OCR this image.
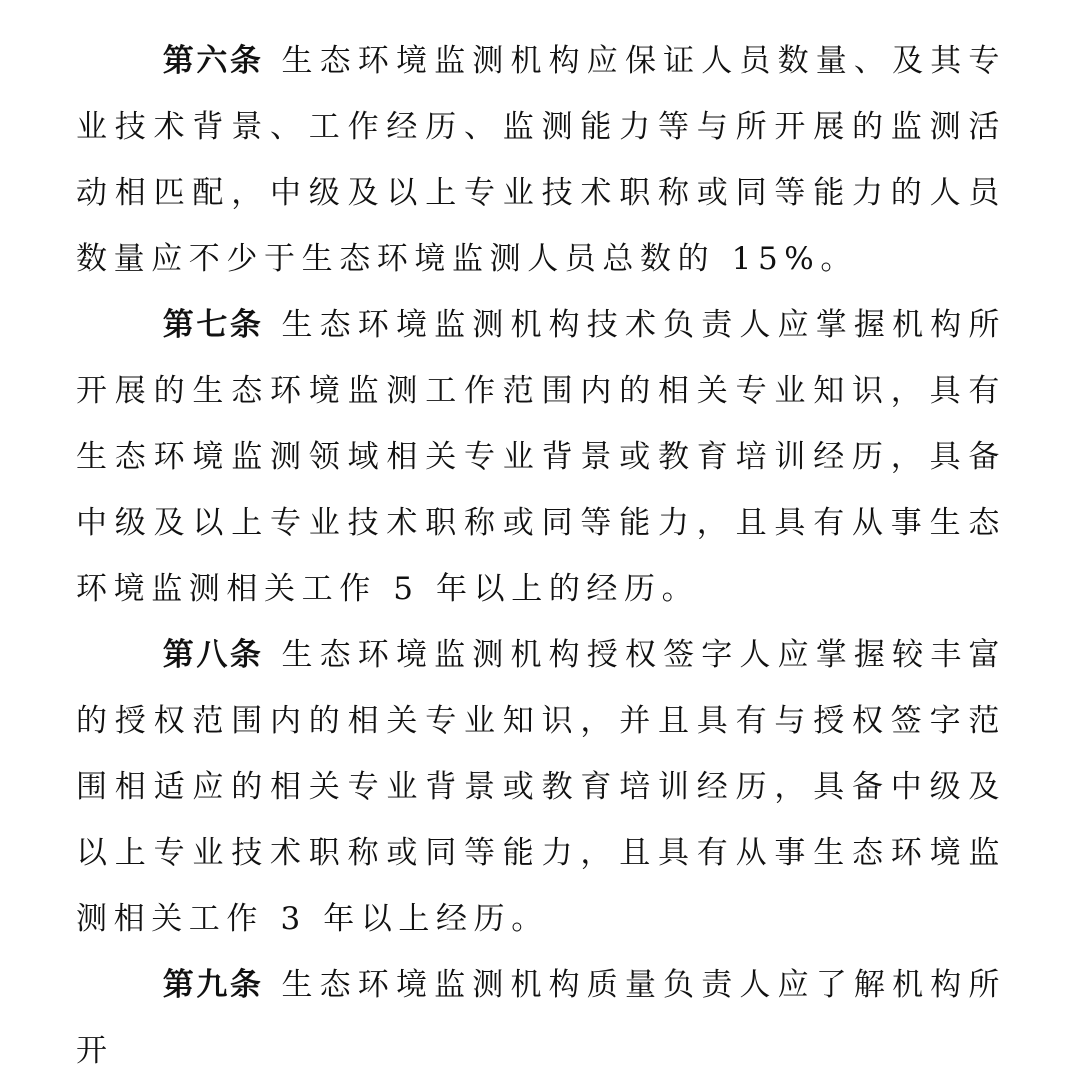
第六条 生态环境监测机构应保证人员数量、及其专业技术背景、工作经历、监测能力等与所开展的监测活动相匹配，中级及以上专业技术职称或同等能力的人员数量应不少于生态环境监测人员总数的 15%。

第七条 生态环境监测机构技术负责人应掌握机构所开展的生态环境监测工作范围内的相关专业知识，具有生态环境监测领域相关专业背景或教育培训经历，具备中级及以上专业技术职称或同等能力，且具有从事生态环境监测相关工作 5 年以上的经历。

第八条 生态环境监测机构授权签字人应掌握较丰富的授权范围内的相关专业知识，并且具有与授权签字范围相适应的相关专业背景或教育培训经历，具备中级及以上专业技术职称或同等能力，且具有从事生态环境监测相关工作 3 年以上经历。

第九条 生态环境监测机构质量负责人应了解机构所开
